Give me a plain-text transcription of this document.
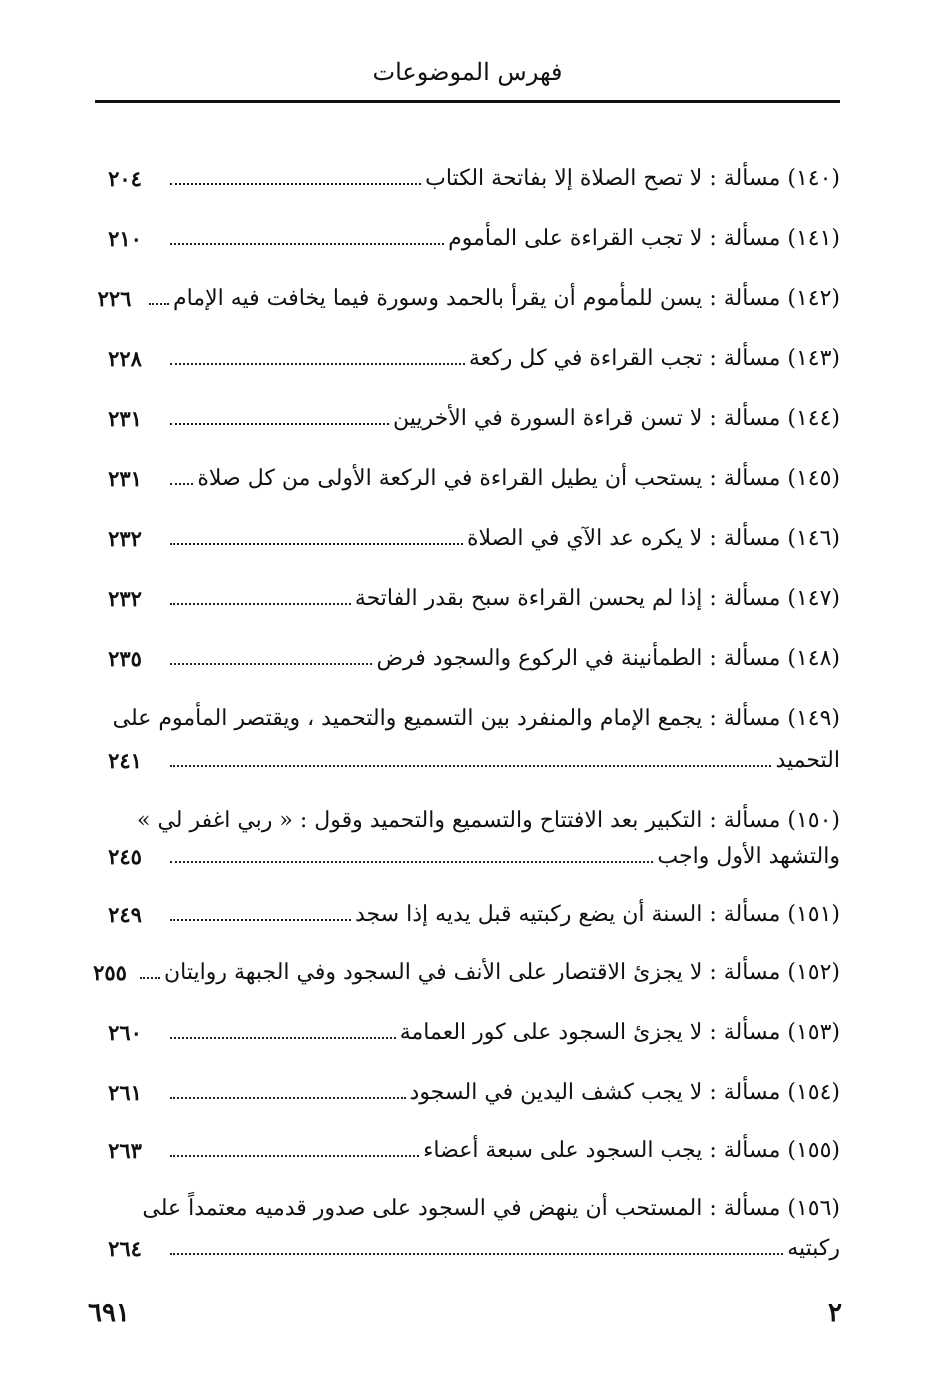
فهرس الموضوعات
(١٤٠) مسألة : لا تصح الصلاة إلا بفاتحة الكتاب
٢٠٤
(١٤١) مسألة : لا تجب القراءة على المأموم
٢١٠
(١٤٢) مسألة : يسن للمأموم أن يقرأ بالحمد وسورة فيما يخافت فيه الإمام
٢٢٦
(١٤٣) مسألة : تجب القراءة في كل ركعة
٢٢٨
(١٤٤) مسألة : لا تسن قراءة السورة في الأخريين
٢٣١
(١٤٥) مسألة : يستحب أن يطيل القراءة في الركعة الأولى من كل صلاة
٢٣١
(١٤٦) مسألة : لا يكره عد الآي في الصلاة
٢٣٢
(١٤٧) مسألة : إذا لم يحسن القراءة سبح بقدر الفاتحة
٢٣٢
(١٤٨) مسألة : الطمأنينة في الركوع والسجود فرض
٢٣٥
(١٤٩) مسألة : يجمع الإمام والمنفرد بين التسميع والتحميد ، ويقتصر المأموم على
التحميد
٢٤١
(١٥٠) مسألة : التكبير بعد الافتتاح والتسميع والتحميد وقول : « ربي اغفر لي »
والتشهد الأول واجب
٢٤٥
(١٥١) مسألة : السنة أن يضع ركبتيه قبل يديه إذا سجد
٢٤٩
(١٥٢) مسألة : لا يجزئ الاقتصار على الأنف في السجود وفي الجبهة روايتان
٢٥٥
(١٥٣) مسألة : لا يجزئ السجود على كور العمامة
٢٦٠
(١٥٤) مسألة : لا يجب كشف اليدين في السجود
٢٦١
(١٥٥) مسألة : يجب السجود على سبعة أعضاء
٢٦٣
(١٥٦) مسألة : المستحب أن ينهض في السجود على صدور قدميه معتمداً على
ركبتيه
٢٦٤
٢
٦٩١
